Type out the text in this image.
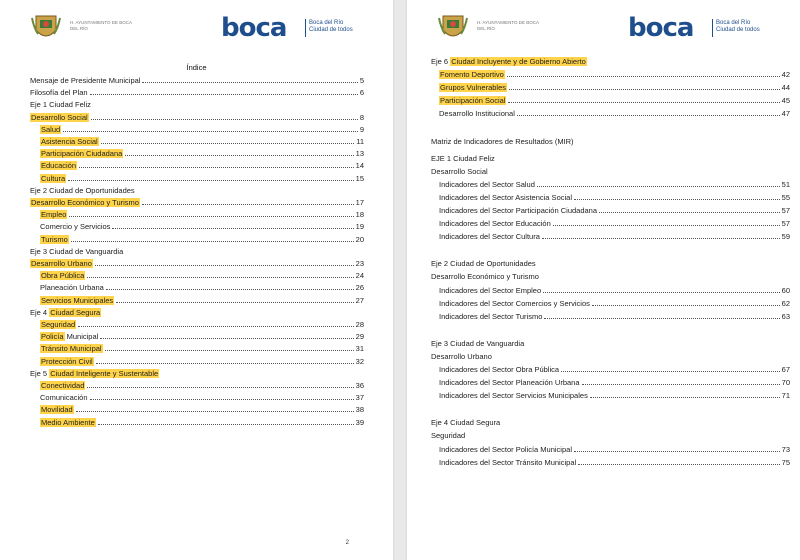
H. AYUNTAMIENTO DE BOCA DEL RÍO	boca	Boca del Río
Ciudad de todos
Índice
Mensaje de Presidente Municipal	5
Filosofía del Plan	6
Eje 1 Ciudad Feliz
Desarrollo Social	8
Salud	9
Asistencia Social	11
Participación Ciudadana	13
Educación	14
Cultura	15
Eje 2 Ciudad de Oportunidades
Desarrollo Económico y Turismo	17
Empleo	18
Comercio y Servicios	19
Turismo	20
Eje 3 Ciudad de Vanguardia
Desarrollo Urbano	23
Obra Pública	24
Planeación Urbana	26
Servicios Municipales	27
Eje 4 Ciudad Segura
Seguridad	28
Policía Municipal	29
Tránsito Municipal	31
Protección Civil	32
Eje 5 Ciudad Inteligente y Sustentable
Conectividad	36
Comunicación	37
Movilidad	38
Medio Ambiente	39
2
H. AYUNTAMIENTO DE BOCA DEL RÍO	boca	Boca del Río
Ciudad de todos
Eje 6 Ciudad Incluyente y de Gobierno Abierto
Fomento Deportivo	42
Grupos Vulnerables	44
Participación Social	45
Desarrollo Institucional	47
Matriz de Indicadores de Resultados (MIR)
EJE 1 Ciudad Feliz
Desarrollo Social
Indicadores del Sector Salud	51
Indicadores del Sector Asistencia Social	55
Indicadores del Sector Participación Ciudadana	57
Indicadores del Sector Educación	57
Indicadores del Sector Cultura	59
Eje 2 Ciudad de Oportunidades
Desarrollo Económico y Turismo
Indicadores del Sector Empleo	60
Indicadores del Sector Comercios y Servicios	62
Indicadores del Sector Turismo	63
Eje 3 Ciudad de Vanguardia
Desarrollo Urbano
Indicadores del Sector Obra Pública	67
Indicadores del Sector Planeación Urbana	70
Indicadores del Sector Servicios Municipales	71
Eje 4 Ciudad Segura
Seguridad
Indicadores del Sector Policía Municipal	73
Indicadores del Sector Tránsito Municipal	75
